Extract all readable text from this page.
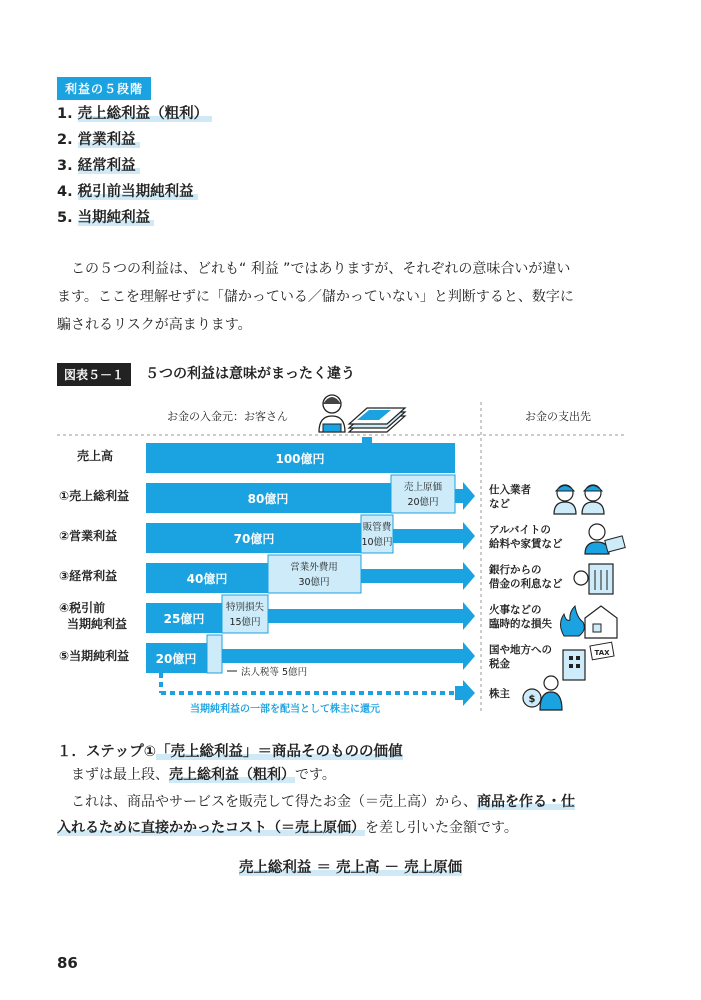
利益の５段階
1. 売上総利益（粗利）
2. 営業利益
3. 経常利益
4. 税引前当期純利益
5. 当期純利益

この５つの利益は、どれも“ 利益 ”ではありますが、それぞれの意味合いが違い

ます。ここを理解せずに「儲かっている／儲かっていない」と判断すると、数字に
騙されるリスクが高まります。
図表５－１	５つの利益は意味がまったく違う
お金の入金元：お客さん	お金の支出先
売上高	100億円
①売上総利益	80億円
売上原価
20億円
仕入業者
など
②営業利益	70億円
販管費
10億円
アルバイトの
給料や家賃など
③経常利益	40億円
営業外費用
30億円
銀行からの
借金の利息など
④税引前
当期純利益	25億円
特別損失
15億円
火事などの
臨時的な損失
⑤当期純利益 20億円
法人税等 5億円
国や地方への
税金
TAX
株主
当期純利益の一部を配当として株主に還元
$
１．ステップ①「売上総利益」＝商品そのものの価値
まずは最上段、売上総利益（粗利）です。
これは、商品やサービスを販売して得たお金（＝売上高）から、商品を作る・仕
入れるために直接かかったコスト（＝売上原価）を差し引いた金額です。
売上総利益 ＝ 売上高 － 売上原価
86
